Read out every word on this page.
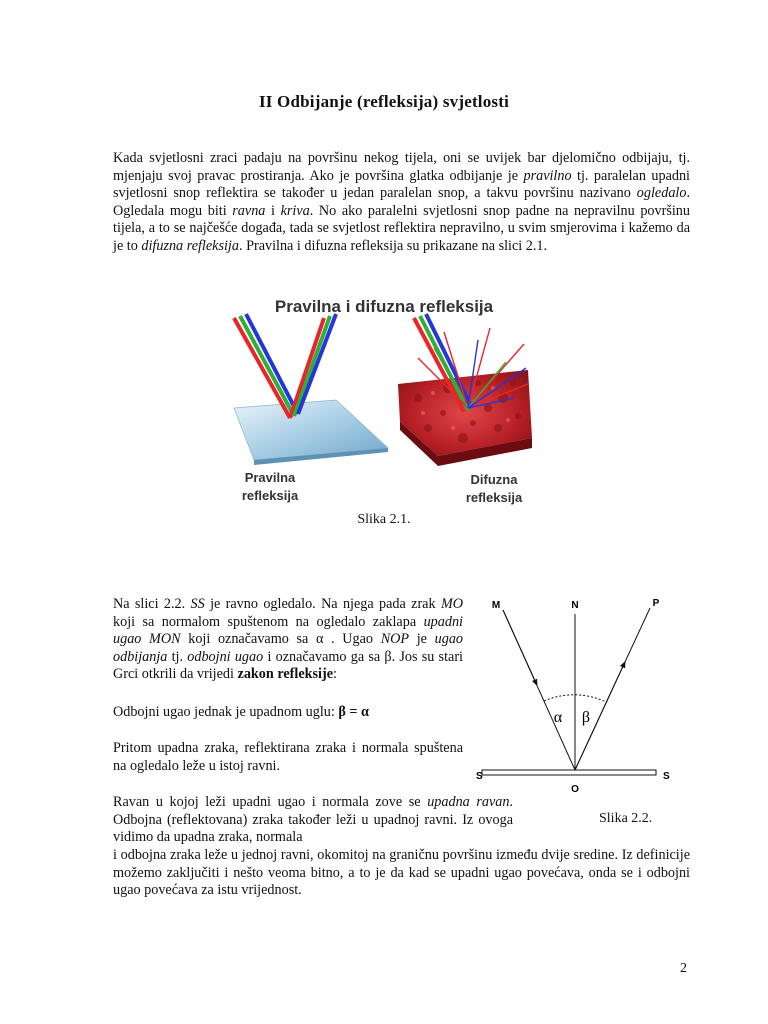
II Odbijanje (refleksija) svjetlosti

Kada svjetlosni zraci padaju na površinu nekog tijela, oni se uvijek bar djelomično odbijaju, tj. mjenjaju svoj pravac prostiranja. Ako je površina glatka odbijanje je pravilno tj. paralelan upadni svjetlosni snop reflektira se također u jedan paralelan snop, a takvu površinu nazivano ogledalo. Ogledala mogu biti ravna i kriva. No ako paralelni svjetlosni snop padne na nepravilnu površinu tijela, a to se najčešće događa, tada se svjetlost reflektira nepravilno, u svim smjerovima i kažemo da je to difuzna refleksija. Pravilna i difuzna refleksija su prikazane na slici 2.1.

Pravilna i difuzna refleksija
Pravilna
refleksija
Difuzna
refleksija
Slika 2.1.

Na slici 2.2. SS je ravno ogledalo. Na njega pada zrak MO koji sa normalom spuštenom na ogledalo zaklapa upadni ugao MON koji označavamo sa α . Ugao NOP je ugao odbijanja tj. odbojni ugao i označavamo ga sa β. Jos su stari Grci otkrili da vrijedi zakon refleksije:

Odbojni ugao jednak je upadnom uglu: β = α

Pritom upadna zraka, reflektirana zraka i normala spuštena na ogledalo leže u istoj ravni.

Ravan u kojoj leži upadni ugao i normala zove se upadna ravan. Odbojna (reflektovana) zraka također leži u upadnoj ravni. Iz ovoga vidimo da upadna zraka, normala

i odbojna zraka leže u jednoj ravni, okomitoj na graničnu površinu između dvije sredine. Iz definicije možemo zaključiti i nešto veoma bitno, a to je da kad se upadni ugao povećava, onda se i odbojni ugao povećava za istu vrijednost.

α β
M	N	P
S	S
O
Slika 2.2.
2
